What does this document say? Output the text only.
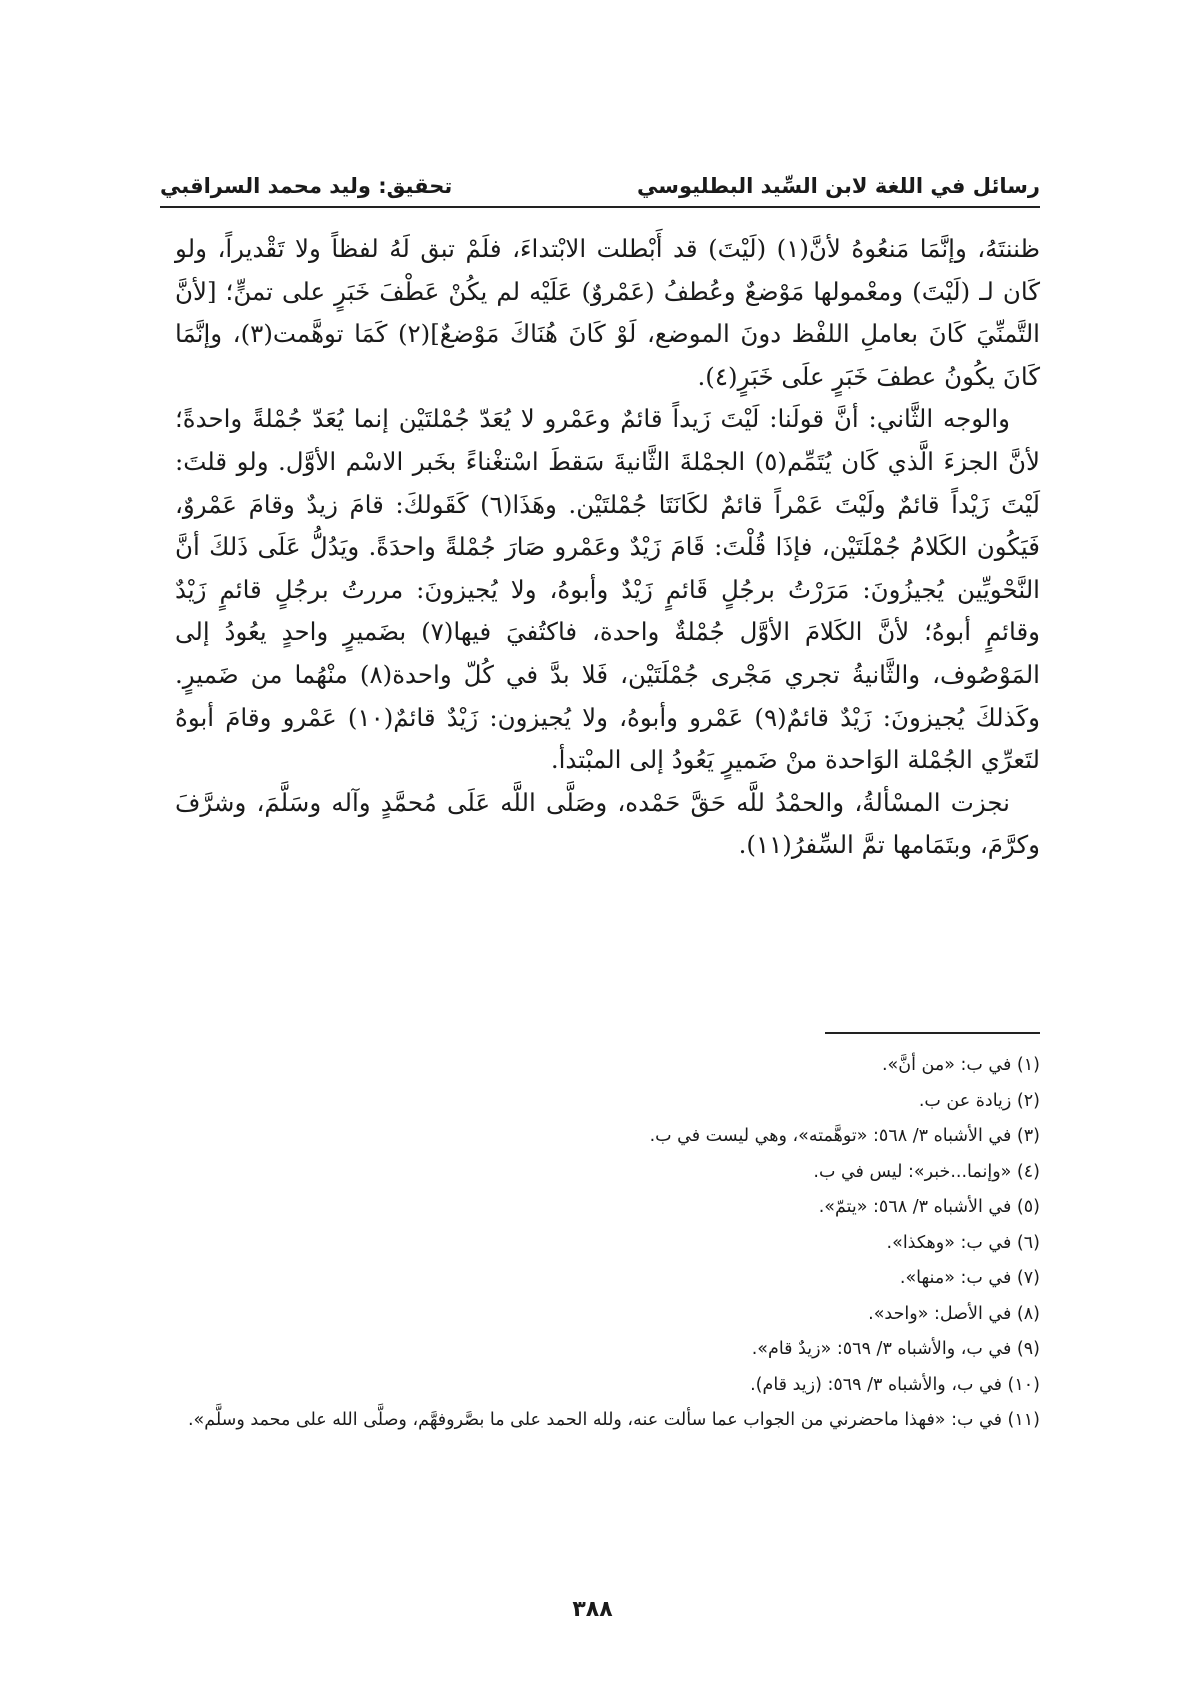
رسائل في اللغة لابن السِّيد البطليوسي
تحقيق: وليد محمد السراقبي

ظننتَهُ، وإنَّمَا مَنعُوهُ لأنَّ(١) (لَيْتَ) قد أَبْطلت الابْتداءَ، فلَمْ تبق لَهُ لفظاً ولا تَقْديراً، ولو كَان لـ (لَيْتَ) ومعْمولها مَوْضعٌ وعُطفُ (عَمْروٌ) عَلَيْه لم يكُنْ عَطْفَ خَبَرٍ على تمنٍّ؛ [لأنَّ التَّمنِّيَ كَانَ بعاملِ اللفْظ دونَ الموضع، لَوْ كَانَ هُنَاكَ مَوْضعٌ](٢) كَمَا توهَّمت(٣)، وإنَّمَا كَانَ يكُونُ عطفَ خَبَرٍ علَى خَبَرٍ(٤).

والوجه الثَّاني: أنَّ قولَنا: لَيْتَ زَيداً قائمٌ وعَمْرو لا يُعَدّ جُمْلتَيْن إنما يُعَدّ جُمْلةً واحدةً؛ لأنَّ الجزءَ الَّذي كَان يُتَمِّم(٥) الجمْلةَ الثَّانيةَ سَقطَ اسْتغْناءً بخَبر الاسْم الأوَّل. ولو قلتَ: لَيْتَ زَيْداً قائمٌ ولَيْتَ عَمْراً قائمٌ لكَانَتَا جُمْلتَيْن. وهَذَا(٦) كَقَولكَ: قامَ زيدٌ وقامَ عَمْروٌ، فَيَكُون الكَلامُ جُمْلَتَيْن، فإذَا قُلْتَ: قَامَ زَيْدٌ وعَمْرو صَارَ جُمْلةً واحدَةً. ويَدُلُّ عَلَى ذَلكَ أنَّ النَّحْويِّين يُجيزُونَ: مَرَرْتُ برجُلٍ قَائمٍ زَيْدٌ وأبوهُ، ولا يُجيزونَ: مررتُ برجُلٍ قائمٍ زَيْدٌ وقائمٍ أبوهُ؛ لأنَّ الكَلامَ الأوَّل جُمْلةٌ واحدة، فاكتُفيَ فيها(٧) بضَميرٍ واحدٍ يعُودُ إلى المَوْصُوف، والثَّانيةُ تجري مَجْرى جُمْلَتَيْن، فَلا بدَّ في كُلّ واحدة(٨) منْهُما من ضَميرٍ. وكَذلكَ يُجيزونَ: زَيْدٌ قائمٌ(٩) عَمْرو وأبوهُ، ولا يُجيزون: زَيْدٌ قائمٌ(١٠) عَمْرو وقامَ أبوهُ لتَعرِّي الجُمْلة الوَاحدة منْ ضَميرٍ يَعُودُ إلى المبْتدأ.

نجزت المسْألةُ، والحمْدُ للَّه حَقَّ حَمْده، وصَلَّى اللَّه عَلَى مُحمَّدٍ وآله وسَلَّمَ، وشرَّفَ وكرَّمَ، وبتَمَامها تمَّ السِّفرُ(١١).

(١) في ب: «من أنَّ».

(٢) زيادة عن ب.

(٣) في الأشباه ٣/ ٥٦٨: «توهَّمته»، وهي ليست في ب.

(٤) «وإنما...خبر»: ليس في ب.

(٥) في الأشباه ٣/ ٥٦٨: «يتمّ».

(٦) في ب: «وهكذا».

(٧) في ب: «منها».

(٨) في الأصل: «واحد».

(٩) في ب، والأشباه ٣/ ٥٦٩: «زيدٌ قام».

(١٠) في ب، والأشباه ٣/ ٥٦٩: (زيد قام).

(١١) في ب: «فهذا ماحضرني من الجواب عما سألت عنه، ولله الحمد على ما بصَّروفهَّم، وصلَّى الله على محمد وسلَّم».

٣٨٨
